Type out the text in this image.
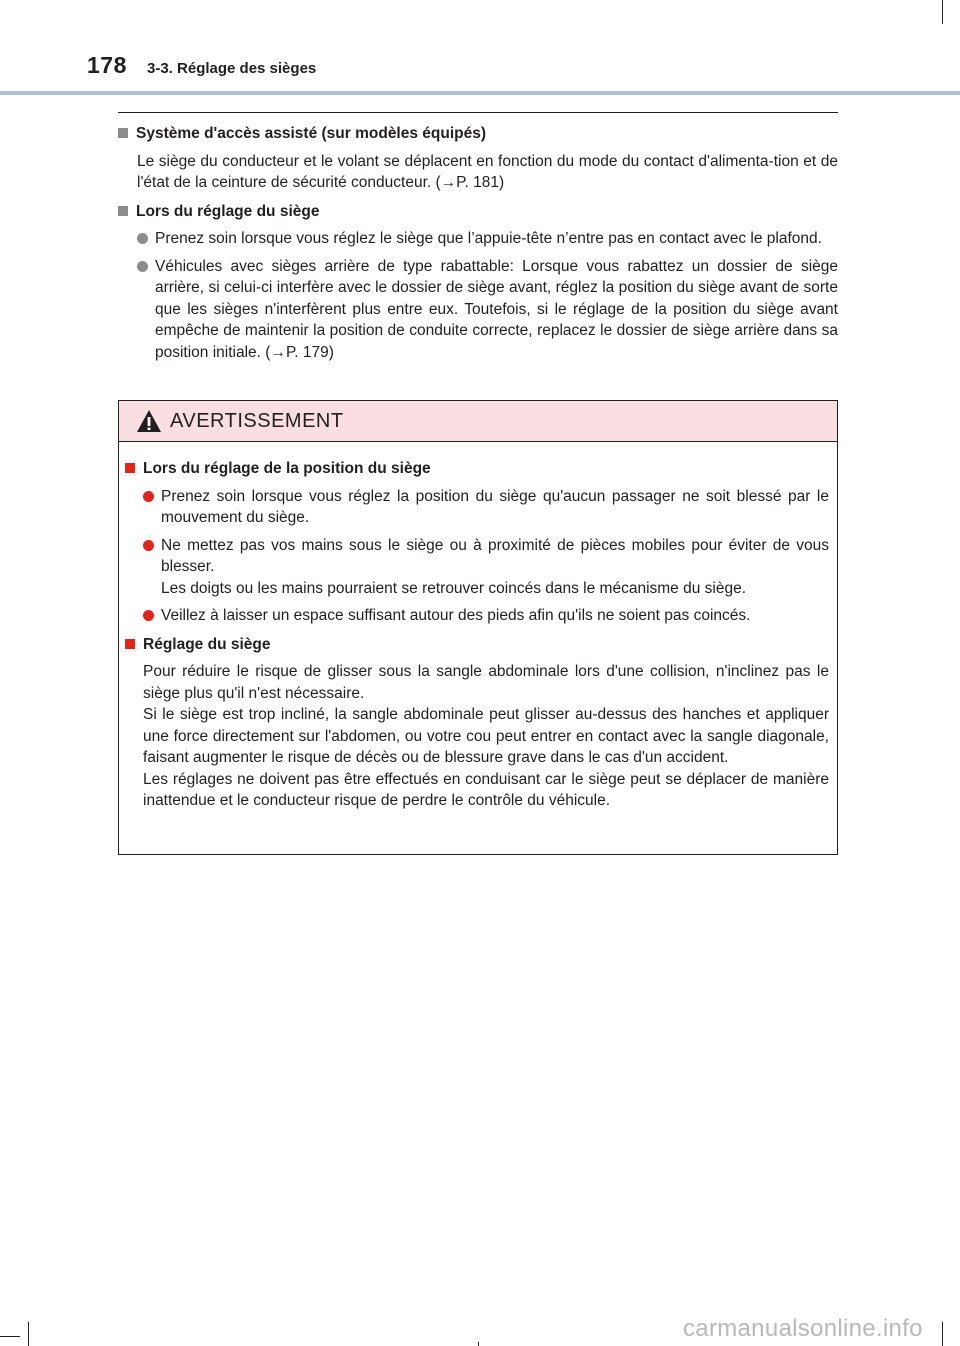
178 3-3. Réglage des sièges
Système d'accès assisté (sur modèles équipés)
Le siège du conducteur et le volant se déplacent en fonction du mode du contact d'alimenta-tion et de l'état de la ceinture de sécurité conducteur. (→P. 181)
Lors du réglage du siège
Prenez soin lorsque vous réglez le siège que l’appuie-tête n’entre pas en contact avec le plafond.
Véhicules avec sièges arrière de type rabattable: Lorsque vous rabattez un dossier de siège arrière, si celui-ci interfère avec le dossier de siège avant, réglez la position du siège avant de sorte que les sièges n'interfèrent plus entre eux. Toutefois, si le réglage de la position du siège avant empêche de maintenir la position de conduite correcte, replacez le dossier de siège arrière dans sa position initiale. (→P. 179)
AVERTISSEMENT
Lors du réglage de la position du siège
Prenez soin lorsque vous réglez la position du siège qu'aucun passager ne soit blessé par le mouvement du siège.
Ne mettez pas vos mains sous le siège ou à proximité de pièces mobiles pour éviter de vous blesser.
Les doigts ou les mains pourraient se retrouver coincés dans le mécanisme du siège.
Veillez à laisser un espace suffisant autour des pieds afin qu'ils ne soient pas coincés.
Réglage du siège
Pour réduire le risque de glisser sous la sangle abdominale lors d'une collision, n'inclinez pas le siège plus qu'il n'est nécessaire.
Si le siège est trop incliné, la sangle abdominale peut glisser au-dessus des hanches et appliquer une force directement sur l'abdomen, ou votre cou peut entrer en contact avec la sangle diagonale, faisant augmenter le risque de décès ou de blessure grave dans le cas d'un accident.
Les réglages ne doivent pas être effectués en conduisant car le siège peut se déplacer de manière inattendue et le conducteur risque de perdre le contrôle du véhicule.
carmanualsonline.info
